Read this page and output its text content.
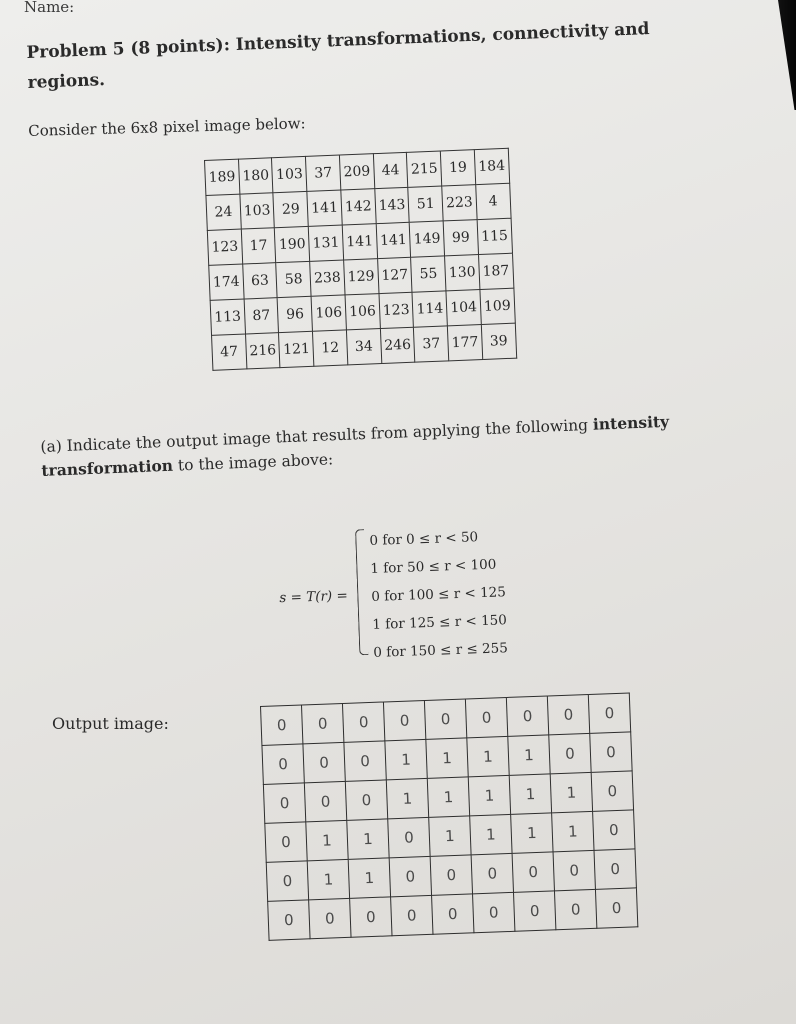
Name:
Problem 5 (8 points): Intensity transformations, connectivity and regions.
Consider the 6x8 pixel image below:
189	180	103	37	209	44	215	19	184
24	103	29	141	142	143	51	223	4
123	17	190	131	141	141	149	99	115
174	63	58	238	129	127	55	130	187
113	87	96	106	106	123	114	104	109
47	216	121	12	34	246	37	177	39
(a) Indicate the output image that results from applying the following intensity transformation to the image above:
s = T(r) =
0 for 0 ≤ r < 50
1 for 50 ≤ r < 100
0 for 100 ≤ r < 125
1 for 125 ≤ r < 150
0 for 150 ≤ r ≤ 255
Output image:	0	0	0	0	0	0	0	0	0
0	0	0	1	1	1	1	0	0
0	0	0	1	1	1	1	1	0
0	1	1	0	1	1	1	1	0
0	1	1	0	0	0	0	0	0
0	0	0	0	0	0	0	0	0
